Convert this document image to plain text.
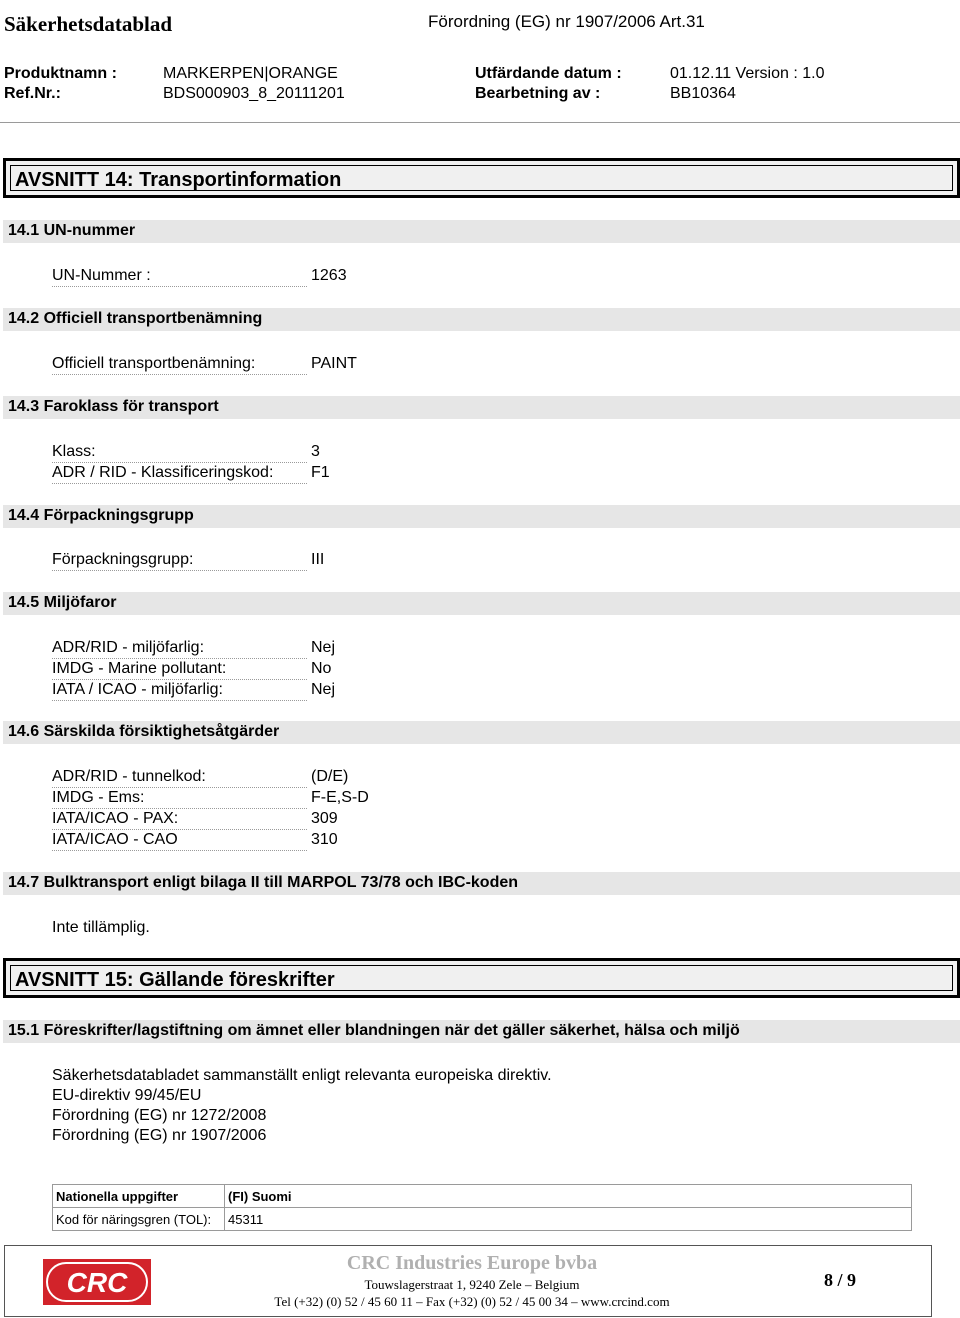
Säkerhetsdatablad	Förordning (EG) nr 1907/2006 Art.31
Produktnamn :	MARKERPEN|ORANGE	Utfärdande datum :	01.12.11 Version : 1.0
Ref.Nr.:	BDS000903_8_20111201	Bearbetning av :	BB10364
AVSNITT 14: Transportinformation
14.1 UN-nummer
UN-Nummer :	1263
14.2 Officiell transportbenämning
Officiell transportbenämning:	PAINT
14.3 Faroklass för transport
Klass:	3
ADR / RID - Klassificeringskod:	F1
14.4 Förpackningsgrupp
Förpackningsgrupp:	III
14.5 Miljöfaror
ADR/RID - miljöfarlig:	Nej
IMDG - Marine pollutant:	No
IATA / ICAO - miljöfarlig:	Nej
14.6 Särskilda försiktighetsåtgärder
ADR/RID - tunnelkod:	(D/E)
IMDG - Ems:	F-E,S-D
IATA/ICAO - PAX:	309
IATA/ICAO - CAO	310
14.7 Bulktransport enligt bilaga II till MARPOL 73/78 och IBC-koden
Inte tillämplig.
AVSNITT 15: Gällande föreskrifter
15.1 Föreskrifter/lagstiftning om ämnet eller blandningen när det gäller säkerhet, hälsa och miljö
Säkerhetsdatabladet sammanställt enligt relevanta europeiska direktiv.
EU-direktiv 99/45/EU
Förordning (EG) nr 1272/2008
Förordning (EG) nr 1907/2006
Nationella uppgifter	(FI) Suomi
Kod för näringsgren (TOL):	45311
CRC
CRC Industries Europe bvba
Touwslagerstraat 1, 9240 Zele – Belgium
Tel (+32) (0) 52 / 45 60 11 – Fax (+32) (0) 52 / 45 00 34 – www.crcind.com
8 / 9
